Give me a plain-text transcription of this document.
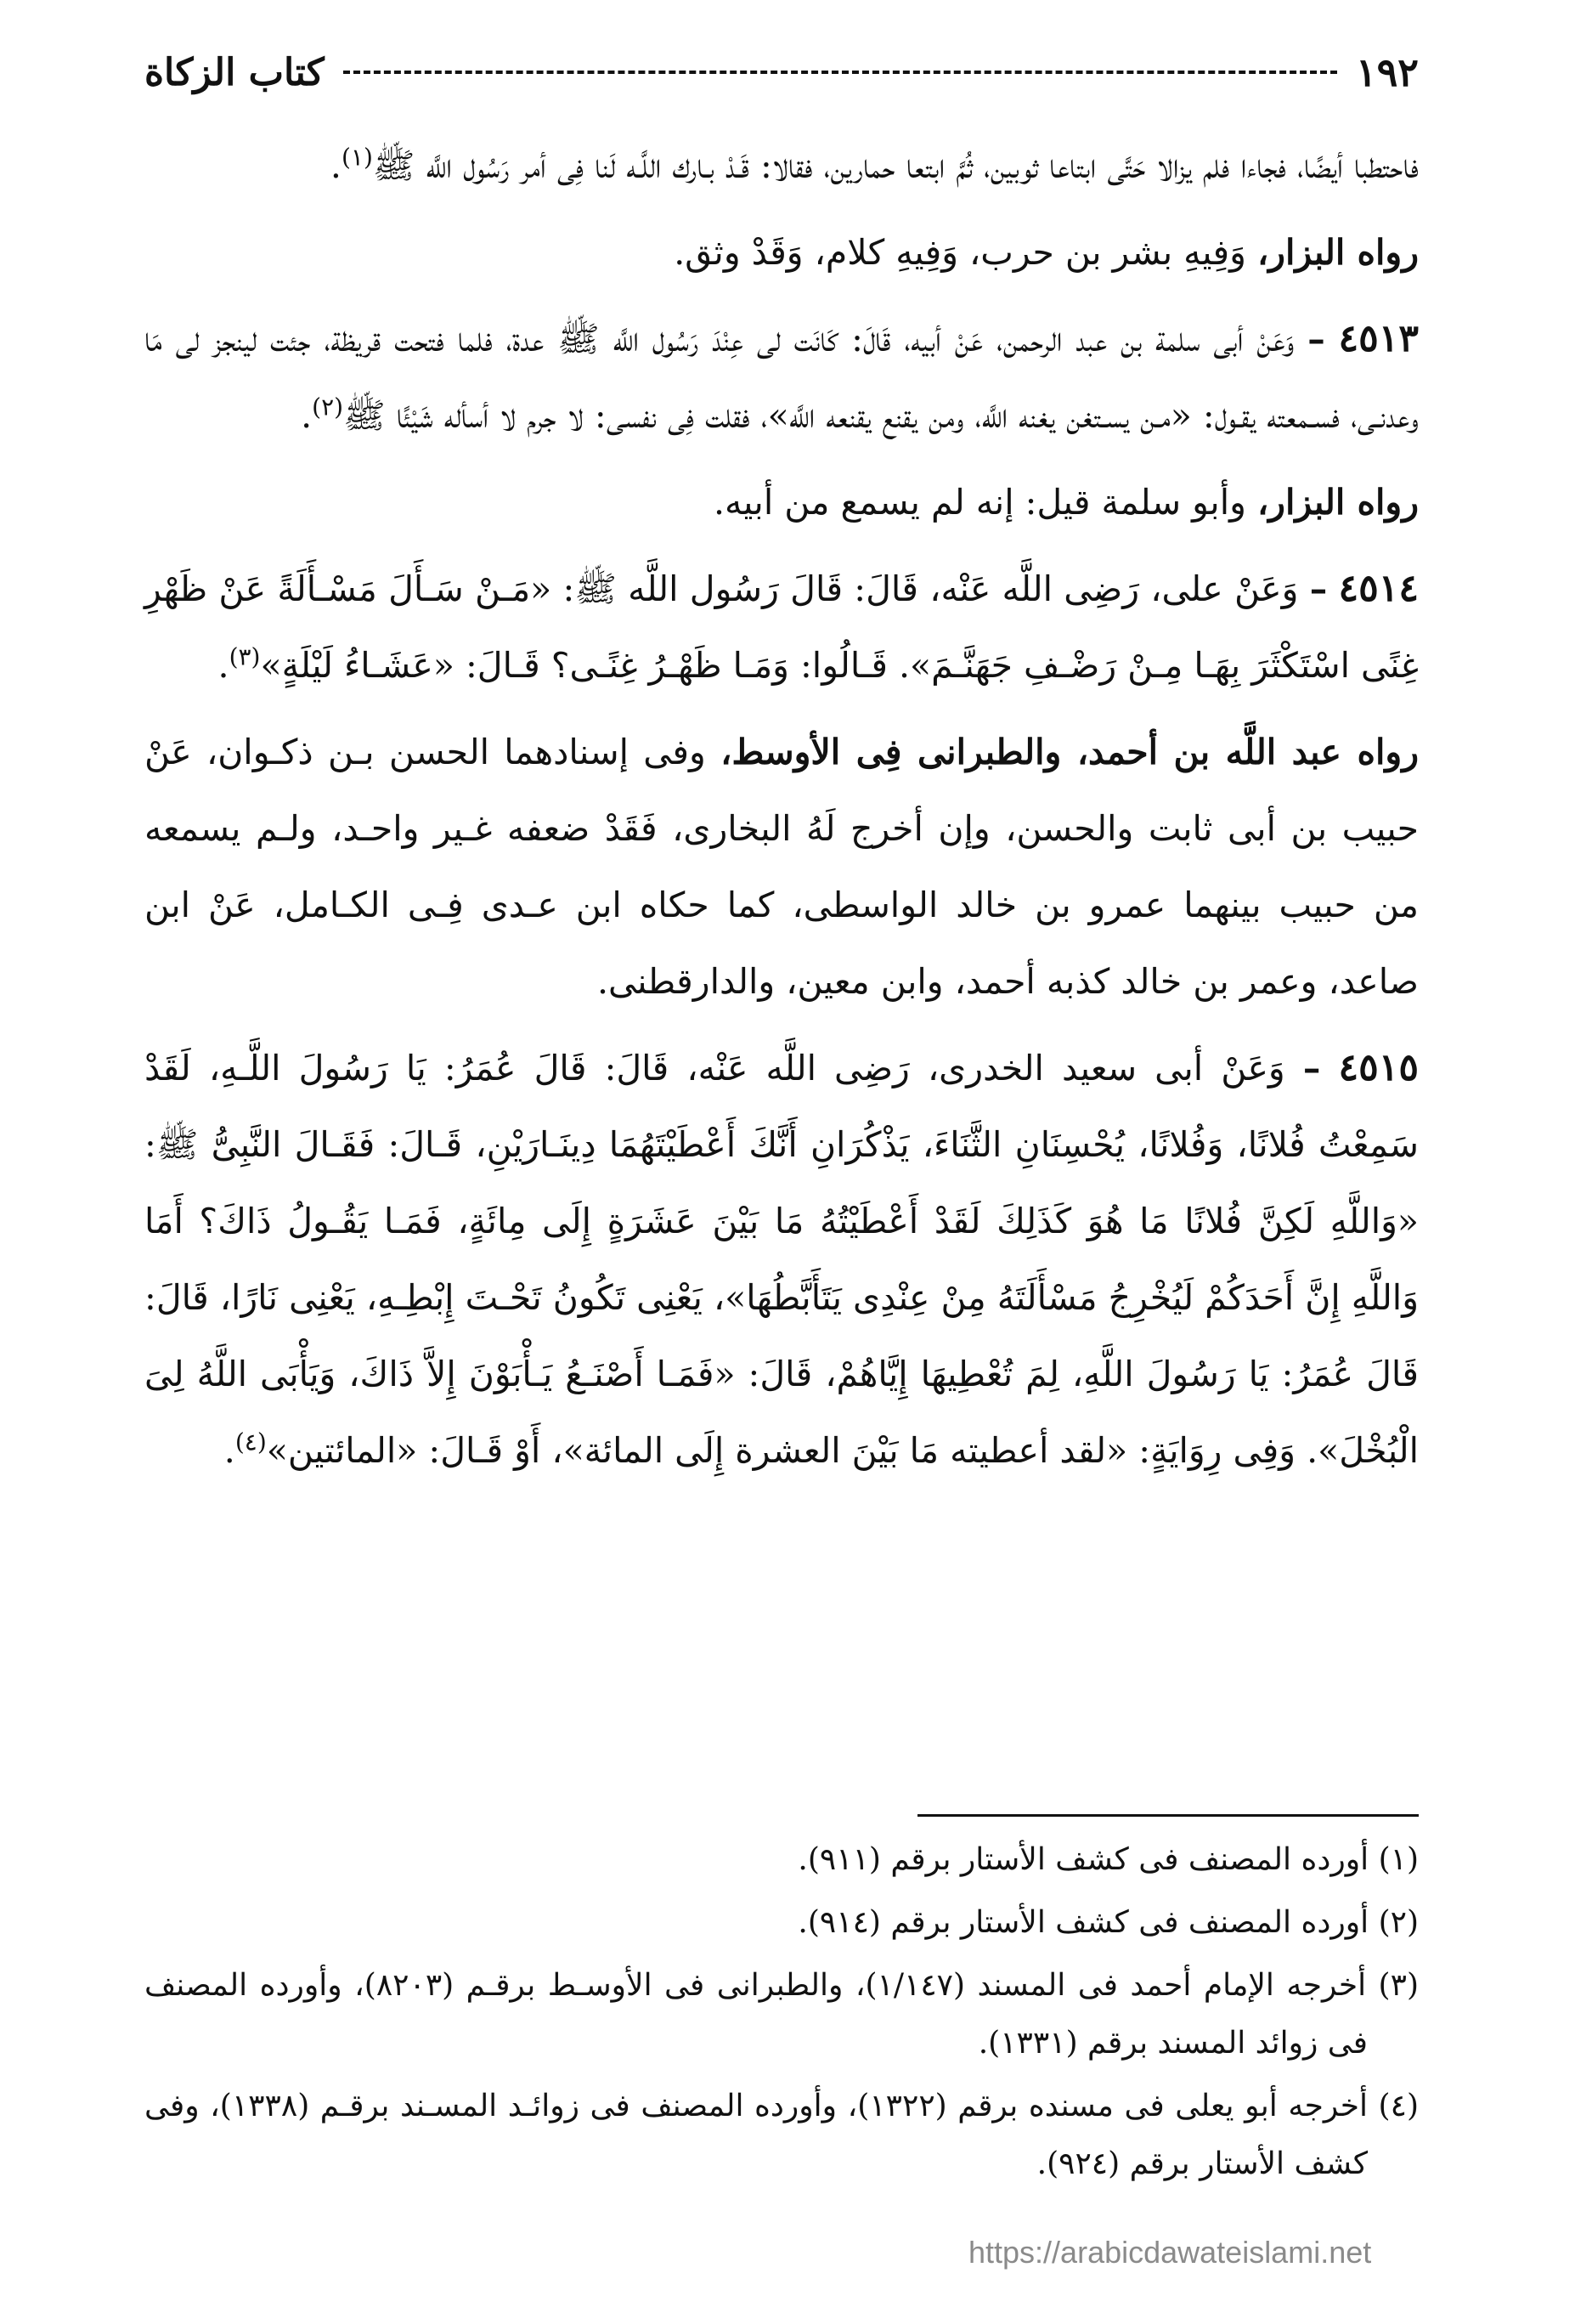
١٩٢
كتاب الزكاة

فاحتطبا أيضًا، فجاءا فلم يزالا حَتَّى ابتاعا ثوبين، ثُمَّ ابتعا حمارين، فقالا: قَـدْ بـارك اللَّـه لَنا فِى أمر رَسُول اللَّه ﷺ$^{(١)}$.

رواه البزار، وَفِيهِ بشر بن حرب، وَفِيهِ كلام، وَقَدْ وثق.

٤٥١٣ – وَعَنْ أبى سلمة بن عبد الرحمن، عَنْ أبيه، قَالَ: كَانَت لى عِنْدَ رَسُول اللَّه ﷺ عدة، فلما فتحت قريظة، جئت لينجز لى مَا وعدنـى، فسـمعته يقـول: «مـن يسـتغن يغنه اللَّه، ومن يقنع يقنعه اللَّه»، فقلت فِى نفسى: لا جرم لا أسأله شَيْئًا ﷺ$^{(٢)}$.

رواه البزار، وأبو سلمة قيل: إنه لم يسمع من أبيه.

٤٥١٤ – وَعَنْ على، رَضِى اللَّه عَنْه، قَالَ: قَالَ رَسُول اللَّه ﷺ: «مَـنْ سَـأَلَ مَسْـأَلَةً عَنْ ظَهْرِ غِنًى اسْتَكْثَرَ بِهَـا مِـنْ رَضْـفِ جَهَنَّـمَ». قَـالُوا: وَمَـا ظَهْـرُ غِنًـى؟ قَـالَ: «عَشَـاءُ لَيْلَةٍ»$^{(٣)}$.

رواه عبد اللَّه بن أحمد، والطبرانى فِى الأوسط، وفى إسنادهما الحسن بـن ذكـوان، عَنْ حبيب بن أبى ثابت والحسن، وإن أخرج لَهُ البخارى، فَقَدْ ضعفه غـير واحـد، ولـم يسمعه من حبيب بينهما عمرو بن خالد الواسطى، كما حكاه ابن عـدى فِـى الكـامل، عَنْ ابن صاعد، وعمر بن خالد كذبه أحمد، وابن معين، والدارقطنى.

٤٥١٥ – وَعَنْ أبى سعيد الخدرى، رَضِى اللَّه عَنْه، قَالَ: قَالَ عُمَرُ: يَا رَسُولَ اللَّـهِ، لَقَدْ سَمِعْتُ فُلانًا، وَفُلانًا، يُحْسِنَانِ الثَّنَاءَ، يَذْكُرَانِ أَنَّكَ أَعْطَيْتَهُمَا دِينَـارَيْنِ، قَـالَ: فَقَـالَ النَّبِىُّ ﷺ: «وَاللَّهِ لَكِنَّ فُلانًا مَا هُوَ كَذَلِكَ لَقَدْ أَعْطَيْتُهُ مَا بَيْنَ عَشَرَةٍ إِلَى مِائَةٍ، فَمَـا يَقُـولُ ذَاكَ؟ أَمَا وَاللَّهِ إِنَّ أَحَدَكُمْ لَيُخْرِجُ مَسْأَلَتَهُ مِنْ عِنْدِى يَتَأَبَّطُهَا»، يَعْنِى تَكُونُ تَحْـتَ إِبْطِـهِ، يَعْنِى نَارًا، قَالَ: قَالَ عُمَرُ: يَا رَسُولَ اللَّهِ، لِمَ تُعْطِيهَا إِيَّاهُمْ، قَالَ: «فَمَـا أَصْنَـعُ يَـأْبَوْنَ إِلاَّ ذَاكَ، وَيَأْبَى اللَّهُ لِىَ الْبُخْلَ». وَفِى رِوَايَةٍ: «لقد أعطيته مَا بَيْنَ العشرة إِلَى المائة»، أَوْ قَـالَ: «المائتين»$^{(٤)}$.

(١) أورده المصنف فى كشف الأستار برقم (٩١١).

(٢) أورده المصنف فى كشف الأستار برقم (٩١٤).

(٣) أخرجه الإمام أحمد فى المسند (١/١٤٧)، والطبرانى فى الأوسـط برقـم (٨٢٠٣)، وأورده المصنف فى زوائد المسند برقم (١٣٣١).

(٤) أخرجه أبو يعلى فى مسنده برقم (١٣٢٢)، وأورده المصنف فى زوائـد المسـند برقـم (١٣٣٨)، وفى كشف الأستار برقم (٩٢٤).

https://arabicdawateislami.net
